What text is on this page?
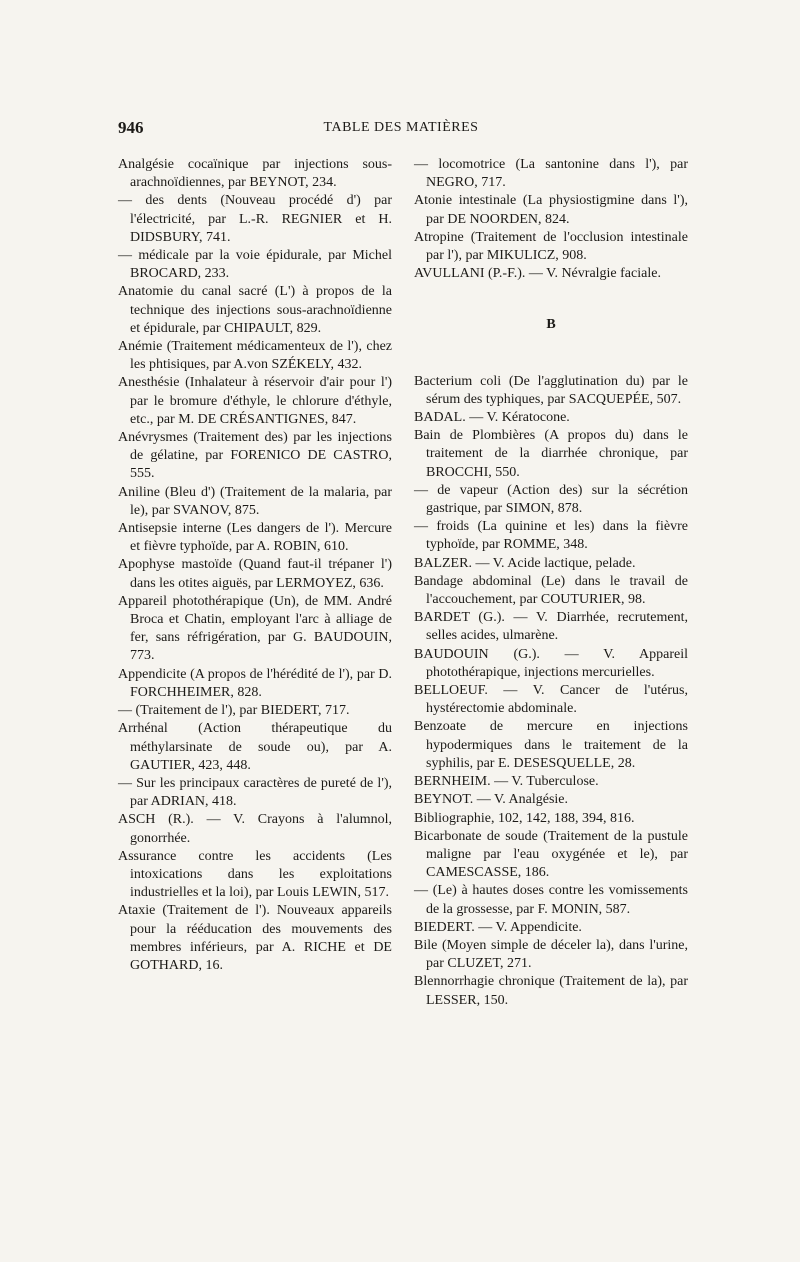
946	TABLE DES MATIÈRES

Analgésie cocaïnique par injections sous-arachnoïdiennes, par BEYNOT, 234.

— des dents (Nouveau procédé d') par l'électricité, par L.-R. REGNIER et H. DIDSBURY, 741.

— médicale par la voie épidurale, par Michel BROCARD, 233.

Anatomie du canal sacré (L') à propos de la technique des injections sous-arachnoïdienne et épidurale, par CHIPAULT, 829.

Anémie (Traitement médicamenteux de l'), chez les phtisiques, par A.von SZÉKELY, 432.

Anesthésie (Inhalateur à réservoir d'air pour l') par le bromure d'éthyle, le chlorure d'éthyle, etc., par M. DE CRÉSANTIGNES, 847.

Anévrysmes (Traitement des) par les injections de gélatine, par FORENICO DE CASTRO, 555.

Aniline (Bleu d') (Traitement de la malaria, par le), par SVANOV, 875.

Antisepsie interne (Les dangers de l'). Mercure et fièvre typhoïde, par A. ROBIN, 610.

Apophyse mastoïde (Quand faut-il trépaner l') dans les otites aiguës, par LERMOYEZ, 636.

Appareil photothérapique (Un), de MM. André Broca et Chatin, employant l'arc à alliage de fer, sans réfrigération, par G. BAUDOUIN, 773.

Appendicite (A propos de l'hérédité de l'), par D. FORCHHEIMER, 828.

— (Traitement de l'), par BIEDERT, 717.

Arrhénal (Action thérapeutique du méthylarsinate de soude ou), par A. GAUTIER, 423, 448.

— Sur les principaux caractères de pureté de l'), par ADRIAN, 418.

ASCH (R.). — V. Crayons à l'alumnol, gonorrhée.

Assurance contre les accidents (Les intoxications dans les exploitations industrielles et la loi), par Louis LEWIN, 517.

Ataxie (Traitement de l'). Nouveaux appareils pour la rééducation des mouvements des membres inférieurs, par A. RICHE et DE GOTHARD, 16.

— locomotrice (La santonine dans l'), par NEGRO, 717.

Atonie intestinale (La physiostigmine dans l'), par DE NOORDEN, 824.

Atropine (Traitement de l'occlusion intestinale par l'), par MIKULICZ, 908.

AVULLANI (P.-F.). — V. Névralgie faciale.

B

Bacterium coli (De l'agglutination du) par le sérum des typhiques, par SACQUEPÉE, 507.

BADAL. — V. Kératocone.

Bain de Plombières (A propos du) dans le traitement de la diarrhée chronique, par BROCCHI, 550.

— de vapeur (Action des) sur la sécrétion gastrique, par SIMON, 878.

— froids (La quinine et les) dans la fièvre typhoïde, par ROMME, 348.

BALZER. — V. Acide lactique, pelade.

Bandage abdominal (Le) dans le travail de l'accouchement, par COUTURIER, 98.

BARDET (G.). — V. Diarrhée, recrutement, selles acides, ulmarène.

BAUDOUIN (G.). — V. Appareil photothérapique, injections mercurielles.

BELLOEUF. — V. Cancer de l'utérus, hystérectomie abdominale.

Benzoate de mercure en injections hypodermiques dans le traitement de la syphilis, par E. DESESQUELLE, 28.

BERNHEIM. — V. Tuberculose.

BEYNOT. — V. Analgésie.

Bibliographie, 102, 142, 188, 394, 816.

Bicarbonate de soude (Traitement de la pustule maligne par l'eau oxygénée et le), par CAMESCASSE, 186.

— (Le) à hautes doses contre les vomissements de la grossesse, par F. MONIN, 587.

BIEDERT. — V. Appendicite.

Bile (Moyen simple de déceler la), dans l'urine, par CLUZET, 271.

Blennorrhagie chronique (Traitement de la), par LESSER, 150.
